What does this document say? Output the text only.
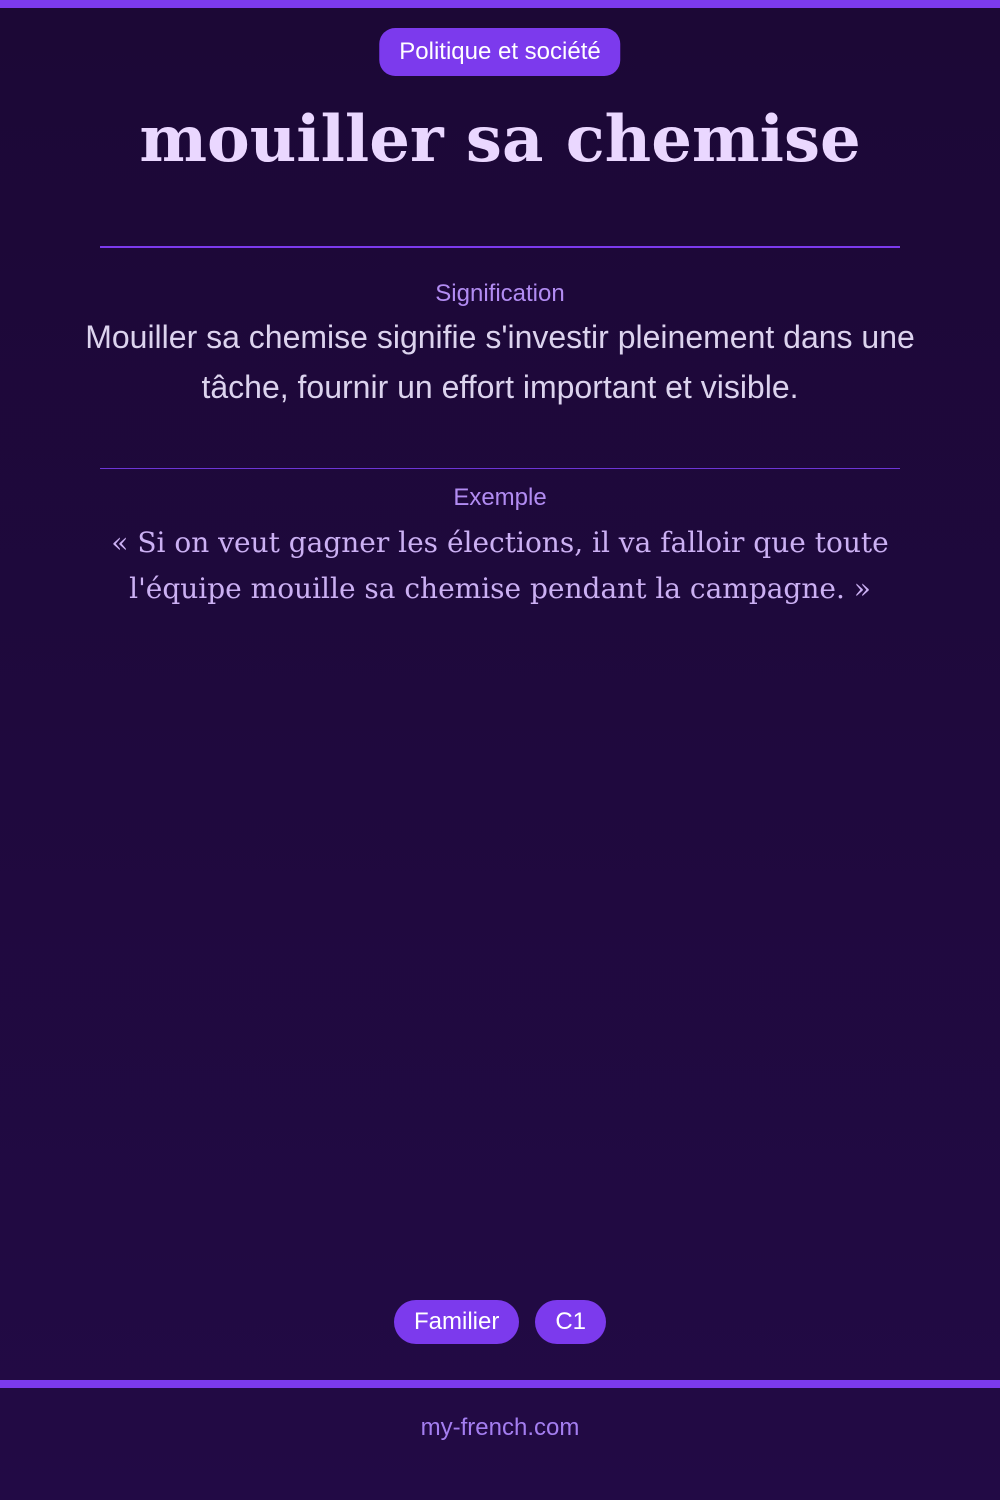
Politique et société
mouiller sa chemise
Signification
Mouiller sa chemise signifie s'investir pleinement dans une tâche, fournir un effort important et visible.
Exemple
« Si on veut gagner les élections, il va falloir que toute l'équipe mouille sa chemise pendant la campagne. »
Familier	C1
my-french.com
